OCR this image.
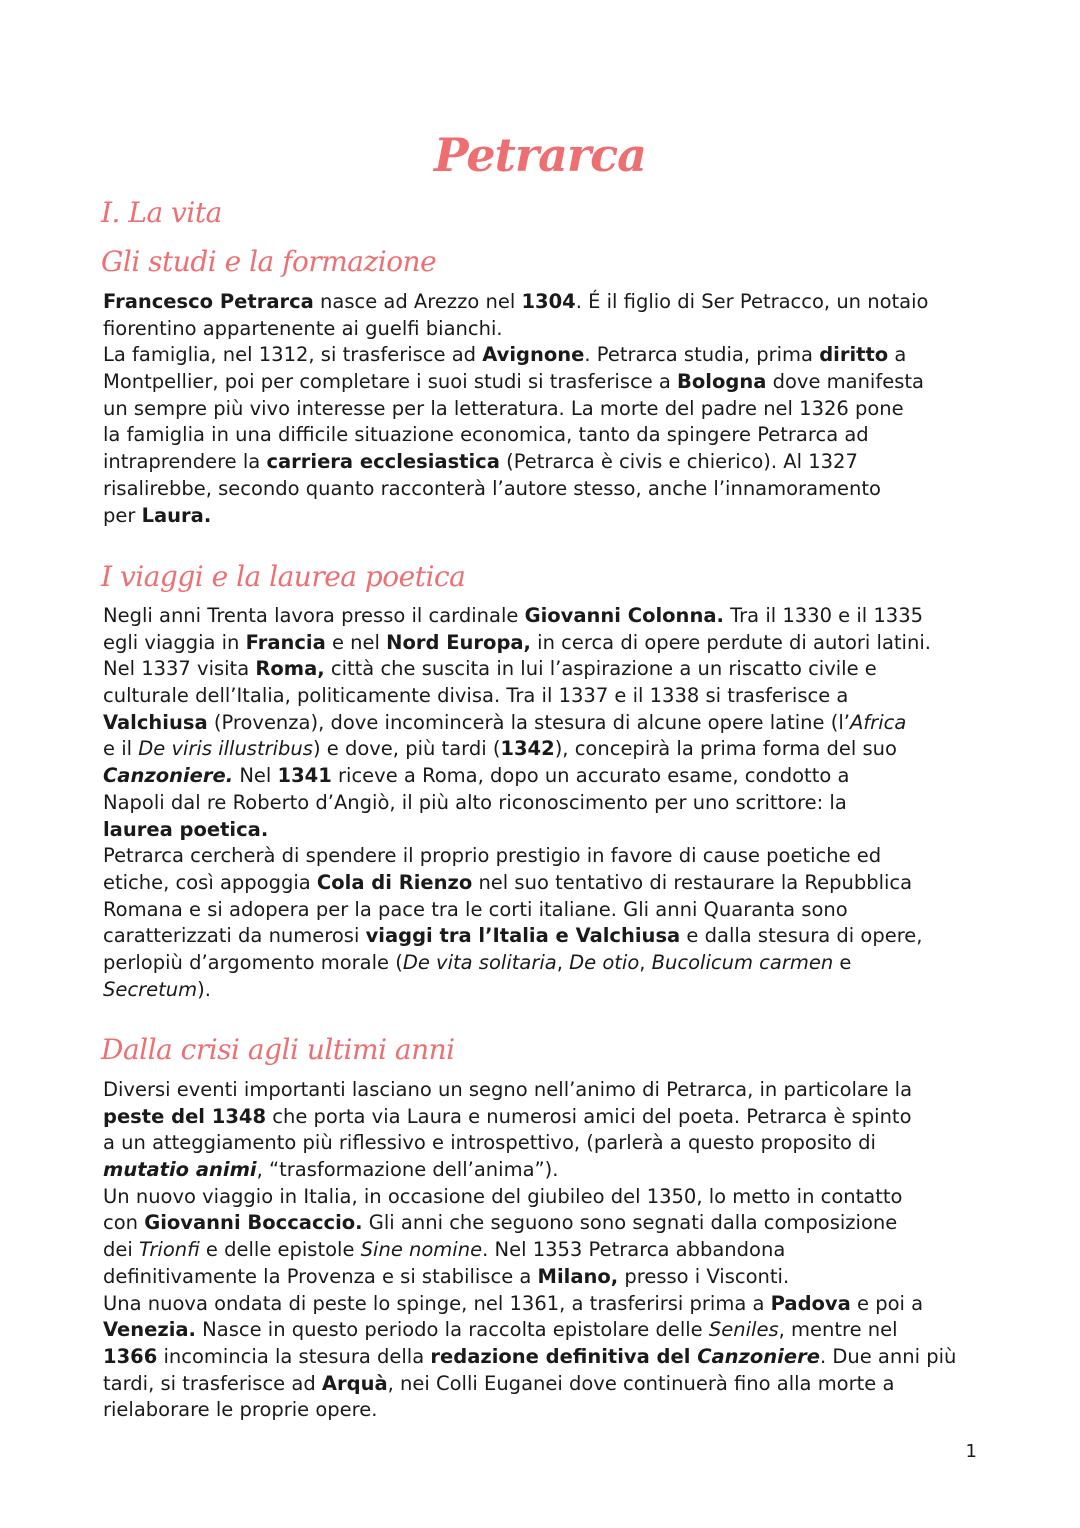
Petrarca
I. La vita
Gli studi e la formazione
Francesco Petrarca nasce ad Arezzo nel 1304. É il figlio di Ser Petracco, un notaio
fiorentino appartenente ai guelfi bianchi.
La famiglia, nel 1312, si trasferisce ad Avignone. Petrarca studia, prima diritto a
Montpellier, poi per completare i suoi studi si trasferisce a Bologna dove manifesta
un sempre più vivo interesse per la letteratura. La morte del padre nel 1326 pone
la famiglia in una difficile situazione economica, tanto da spingere Petrarca ad
intraprendere la carriera ecclesiastica (Petrarca è civis e chierico). Al 1327
risalirebbe, secondo quanto racconterà l’autore stesso, anche l’innamoramento
per Laura.
I viaggi e la laurea poetica
Negli anni Trenta lavora presso il cardinale Giovanni Colonna. Tra il 1330 e il 1335
egli viaggia in Francia e nel Nord Europa, in cerca di opere perdute di autori latini.
Nel 1337 visita Roma, città che suscita in lui l’aspirazione a un riscatto civile e
culturale dell’Italia, politicamente divisa. Tra il 1337 e il 1338 si trasferisce a
Valchiusa (Provenza), dove incomincerà la stesura di alcune opere latine (l’Africa
e il De viris illustribus) e dove, più tardi (1342), concepirà la prima forma del suo
Canzoniere. Nel 1341 riceve a Roma, dopo un accurato esame, condotto a
Napoli dal re Roberto d’Angiò, il più alto riconoscimento per uno scrittore: la
laurea poetica.
Petrarca cercherà di spendere il proprio prestigio in favore di cause poetiche ed
etiche, così appoggia Cola di Rienzo nel suo tentativo di restaurare la Repubblica
Romana e si adopera per la pace tra le corti italiane. Gli anni Quaranta sono
caratterizzati da numerosi viaggi tra l’Italia e Valchiusa e dalla stesura di opere,
perlopiù d’argomento morale (De vita solitaria, De otio, Bucolicum carmen e
Secretum).
Dalla crisi agli ultimi anni
Diversi eventi importanti lasciano un segno nell’animo di Petrarca, in particolare la
peste del 1348 che porta via Laura e numerosi amici del poeta. Petrarca è spinto
a un atteggiamento più riflessivo e introspettivo, (parlerà a questo proposito di
mutatio animi, “trasformazione dell’anima”).
Un nuovo viaggio in Italia, in occasione del giubileo del 1350, lo metto in contatto
con Giovanni Boccaccio. Gli anni che seguono sono segnati dalla composizione
dei Trionfi e delle epistole Sine nomine. Nel 1353 Petrarca abbandona
definitivamente la Provenza e si stabilisce a Milano, presso i Visconti.
Una nuova ondata di peste lo spinge, nel 1361, a trasferirsi prima a Padova e poi a
Venezia. Nasce in questo periodo la raccolta epistolare delle Seniles, mentre nel
1366 incomincia la stesura della redazione definitiva del Canzoniere. Due anni più
tardi, si trasferisce ad Arquà, nei Colli Euganei dove continuerà fino alla morte a
rielaborare le proprie opere.
1
